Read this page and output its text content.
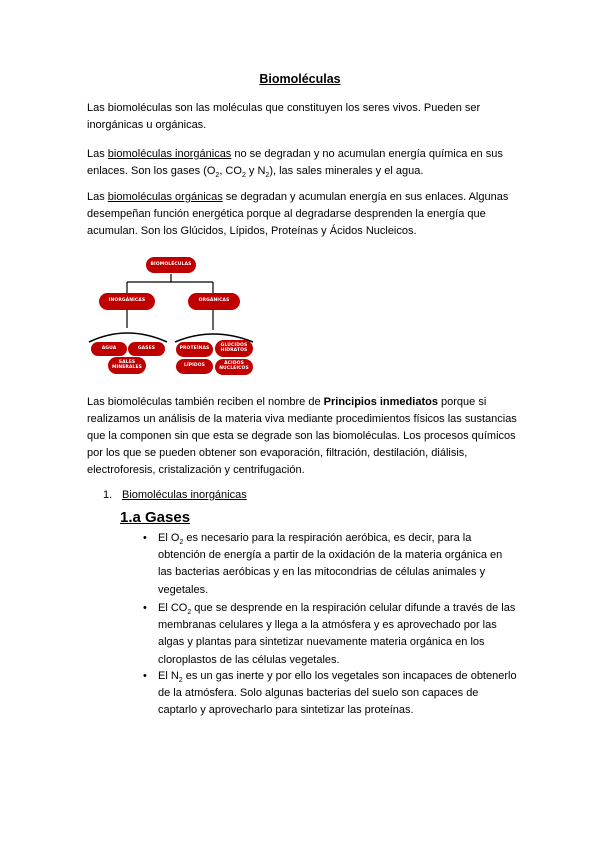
Biomoléculas
Las biomoléculas son las moléculas que constituyen los seres vivos. Pueden ser inorgánicas u orgánicas.
Las biomoléculas inorgánicas no se degradan y no acumulan energía química en sus enlaces. Son los gases ($O_2$, $CO_2$ y $N_2$), las sales minerales y el agua.
Las biomoléculas orgánicas se degradan y acumulan energía en sus enlaces. Algunas desempeñan función energética porque al degradarse desprenden la energía que acumulan. Son los Glúcidos, Lípidos, Proteínas y Ácidos Nucleicos.
BIOMOLÉCULAS
INORGÁNICAS	ORGÁNICAS
AGUA	GASES
SALES MINERALES
PROTEÍNAS
GLÚCIDOS HIDRATOS
LÍPIDOS	ÁCIDOS NUCLEICOS
Las biomoléculas también reciben el nombre de Principios inmediatos porque si realizamos un análisis de la materia viva mediante procedimientos físicos las sustancias que la componen sin que esta se degrade son las biomoléculas. Los procesos químicos por los que se pueden obtener son evaporación, filtración, destilación, diálisis, electroforesis, cristalización y centrifugación.
1. Biomoléculas inorgánicas
1.a Gases
• El $O_2$ es necesario para la respiración aeróbica, es decir, para la obtención de energía a partir de la oxidación de la materia orgánica en las bacterias aeróbicas y en las mitocondrias de células animales y vegetales.
• El $CO_2$ que se desprende en la respiración celular difunde a través de las membranas celulares y llega a la atmósfera y es aprovechado por las algas y plantas para sintetizar nuevamente materia orgánica en los cloroplastos de las células vegetales.
• El $N_2$ es un gas inerte y por ello los vegetales son incapaces de obtenerlo de la atmósfera. Solo algunas bacterias del suelo son capaces de captarlo y aprovecharlo para sintetizar las proteínas.
